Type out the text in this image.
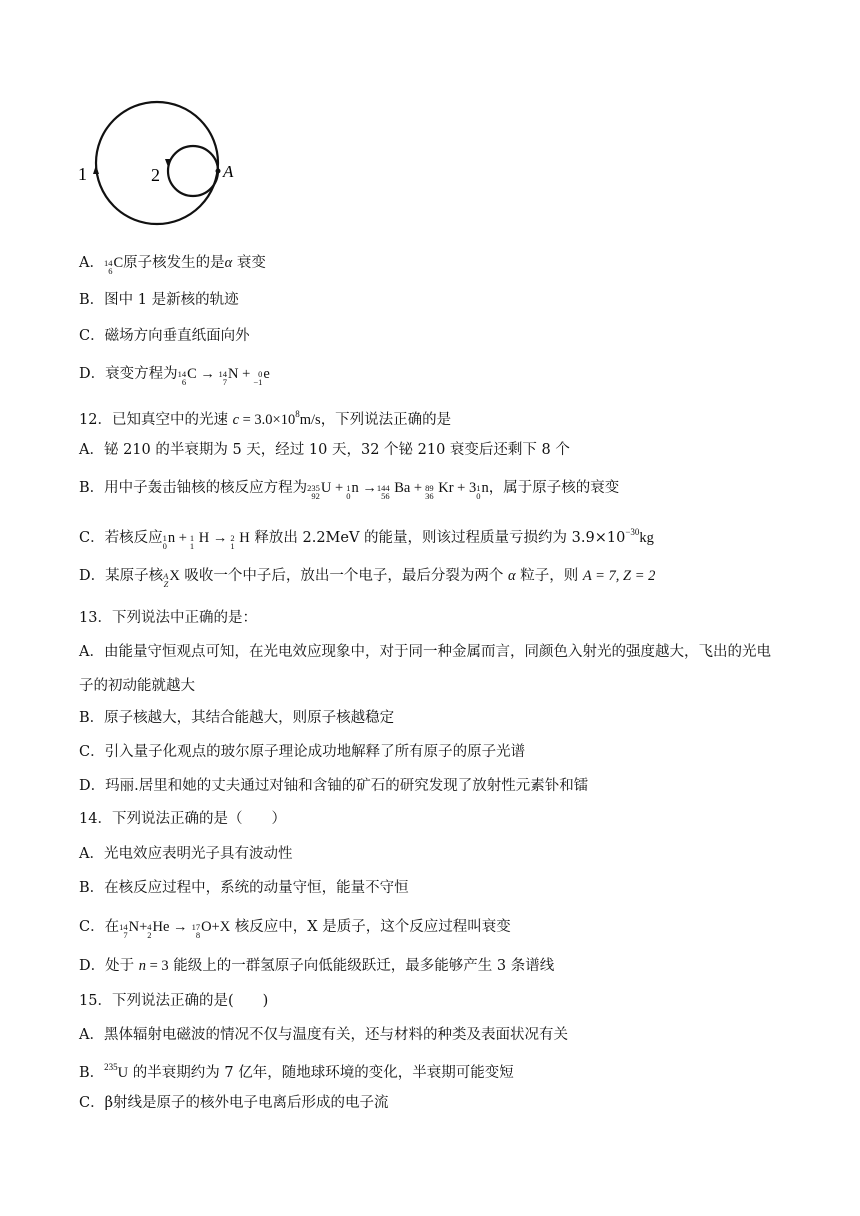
1	2	A
A． 14
6 C原子核发生的是α 衰变
B．图中 1 是新核的轨迹
C．磁场方向垂直纸面向外
D．衰变方程为 14
6 C → 14
7 N + 0
−1 e
12．已知真空中的光速 $c = 3.0\times 10^8m/s$，下列说法正确的是
A．铋 210 的半衰期为 5 天，经过 10 天，32 个铋 210 衰变后还剩下 8 个
B．用中子轰击铀核的核反应方程为 235
92 U + 1
0 n → 144
56 Ba + 89
36 Kr + 3 1
0 n，属于原子核的衰变
C．若核反应 1
0 n + 1
1 H → 2
1 H 释放出 2.2MeV 的能量，则该过程质量亏损约为 $3.9\times 10^{-30}kg$
D．某原子核 A
Z X 吸收一个中子后，放出一个电子，最后分裂为两个 α 粒子，则 A = 7, Z = 2
13．下列说法中正确的是：
A．由能量守恒观点可知，在光电效应现象中，对于同一种金属而言，同颜色入射光的强度越大，飞出的光电子的初动能就越大
B．原子核越大，其结合能越大，则原子核越稳定
C．引入量子化观点的玻尔原子理论成功地解释了所有原子的原子光谱
D．玛丽.居里和她的丈夫通过对铀和含铀的矿石的研究发现了放射性元素钋和镭
14．下列说法正确的是（　　）
A．光电效应表明光子具有波动性
B．在核反应过程中，系统的动量守恒，能量不守恒
C．在 14
7 N+ 4
2 He → 17
8 O+X 核反应中，X 是质子，这个反应过程叫衰变
D．处于 n = 3 能级上的一群氢原子向低能级跃迁，最多能够产生 3 条谱线
15．下列说法正确的是(　　)
A．黑体辐射电磁波的情况不仅与温度有关，还与材料的种类及表面状况有关
B．$^{235}$U 的半衰期约为 7 亿年，随地球环境的变化，半衰期可能变短
C．β射线是原子的核外电子电离后形成的电子流
